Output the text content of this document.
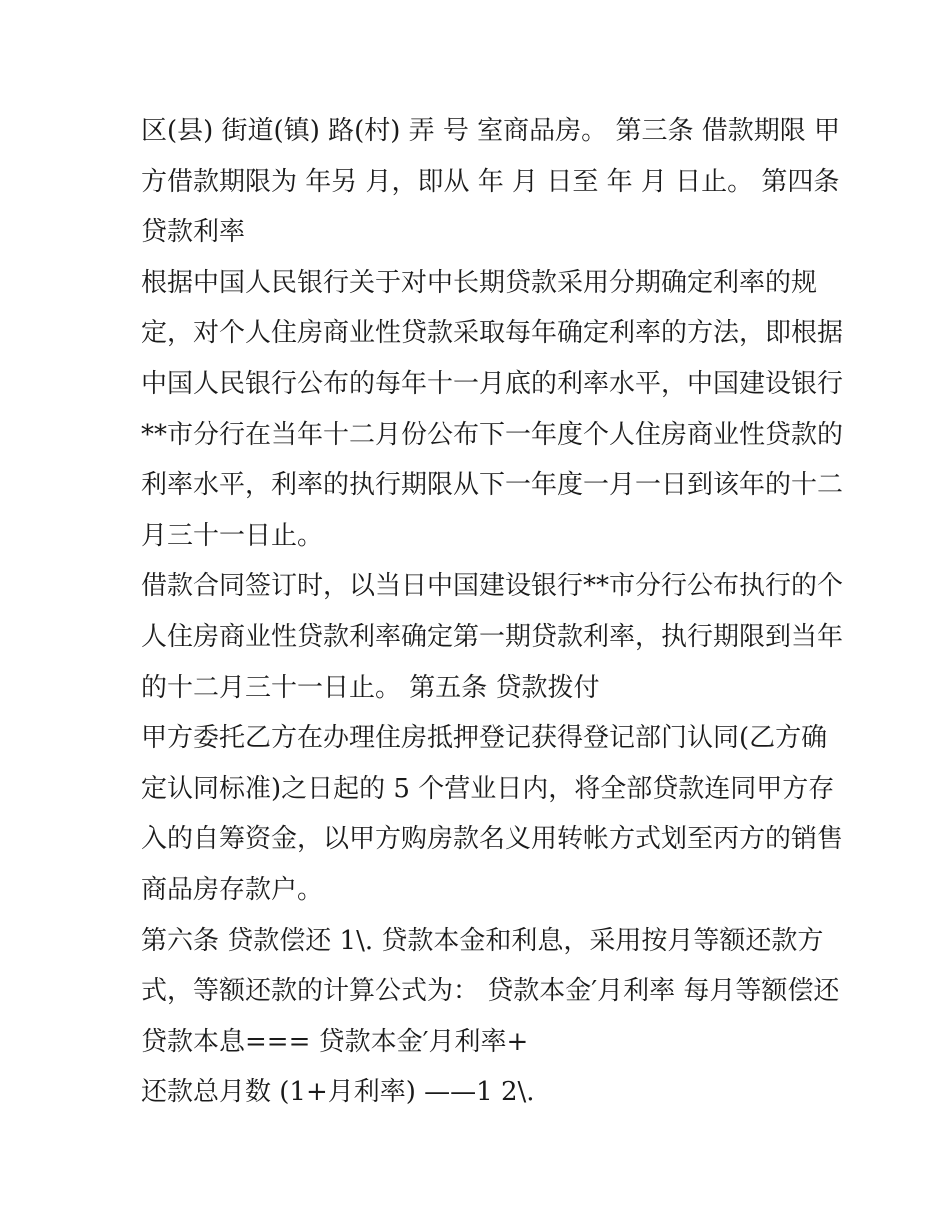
区(县) 街道(镇) 路(村) 弄 号 室商品房。 第三条 借款期限 甲
方借款期限为 年另 月，即从 年 月 日至 年 月 日止。 第四条
贷款利率
根据中国人民银行关于对中长期贷款采用分期确定利率的规
定，对个人住房商业性贷款采取每年确定利率的方法，即根据
中国人民银行公布的每年十一月底的利率水平，中国建设银行
**市分行在当年十二月份公布下一年度个人住房商业性贷款的
利率水平，利率的执行期限从下一年度一月一日到该年的十二
月三十一日止。
借款合同签订时，以当日中国建设银行**市分行公布执行的个
人住房商业性贷款利率确定第一期贷款利率，执行期限到当年
的十二月三十一日止。 第五条 贷款拨付
甲方委托乙方在办理住房抵押登记获得登记部门认同(乙方确
定认同标准)之日起的 5 个营业日内，将全部贷款连同甲方存
入的自筹资金，以甲方购房款名义用转帐方式划至丙方的销售
商品房存款户。
第六条 贷款偿还 1\. 贷款本金和利息，采用按月等额还款方
式，等额还款的计算公式为： 贷款本金′月利率 每月等额偿还
贷款本息=== 贷款本金′月利率+
还款总月数 (1+月利率) ——1 2\.
